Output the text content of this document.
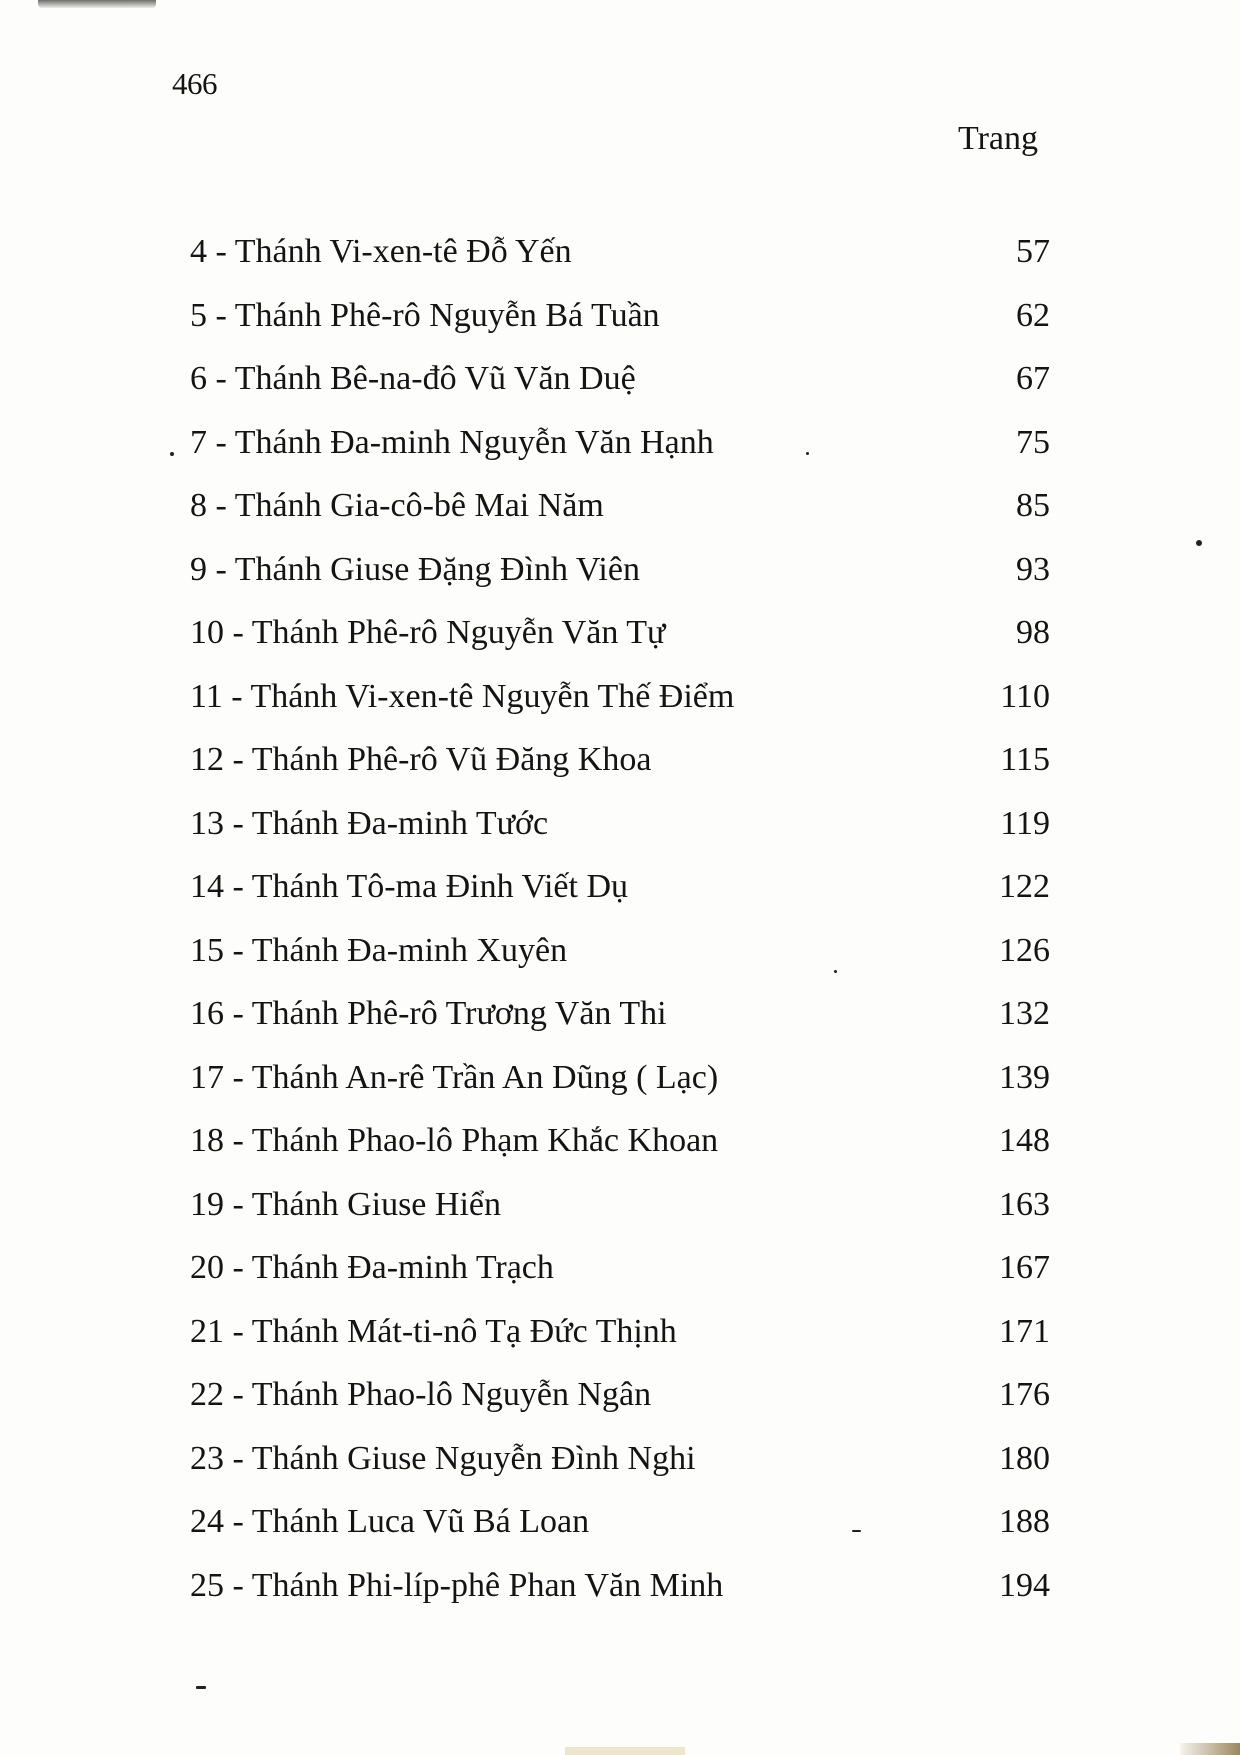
466
Trang
4 - Thánh Vi-xen-tê Đỗ Yến	57
5 - Thánh Phê-rô Nguyễn Bá Tuần	62
6 - Thánh Bê-na-đô Vũ Văn Duệ	67
7 - Thánh Đa-minh Nguyễn Văn Hạnh	75
8 - Thánh Gia-cô-bê Mai Năm	85
9 - Thánh Giuse Đặng Đình Viên	93
10 - Thánh Phê-rô Nguyễn Văn Tự	98
11 - Thánh Vi-xen-tê Nguyễn Thế Điểm	110
12 - Thánh Phê-rô Vũ Đăng Khoa	115
13 - Thánh Đa-minh Tước	119
14 - Thánh Tô-ma Đinh Viết Dụ	122
15 - Thánh Đa-minh Xuyên	126
16 - Thánh Phê-rô Trương Văn Thi	132
17 - Thánh An-rê Trần An Dũng ( Lạc)	139
18 - Thánh Phao-lô Phạm Khắc Khoan	148
19 - Thánh Giuse Hiển	163
20 - Thánh Đa-minh Trạch	167
21 - Thánh Mát-ti-nô Tạ Đức Thịnh	171
22 - Thánh Phao-lô Nguyễn Ngân	176
23 - Thánh Giuse Nguyễn Đình Nghi	180
24 - Thánh Luca Vũ Bá Loan	188
25 - Thánh Phi-líp-phê Phan Văn Minh	194
